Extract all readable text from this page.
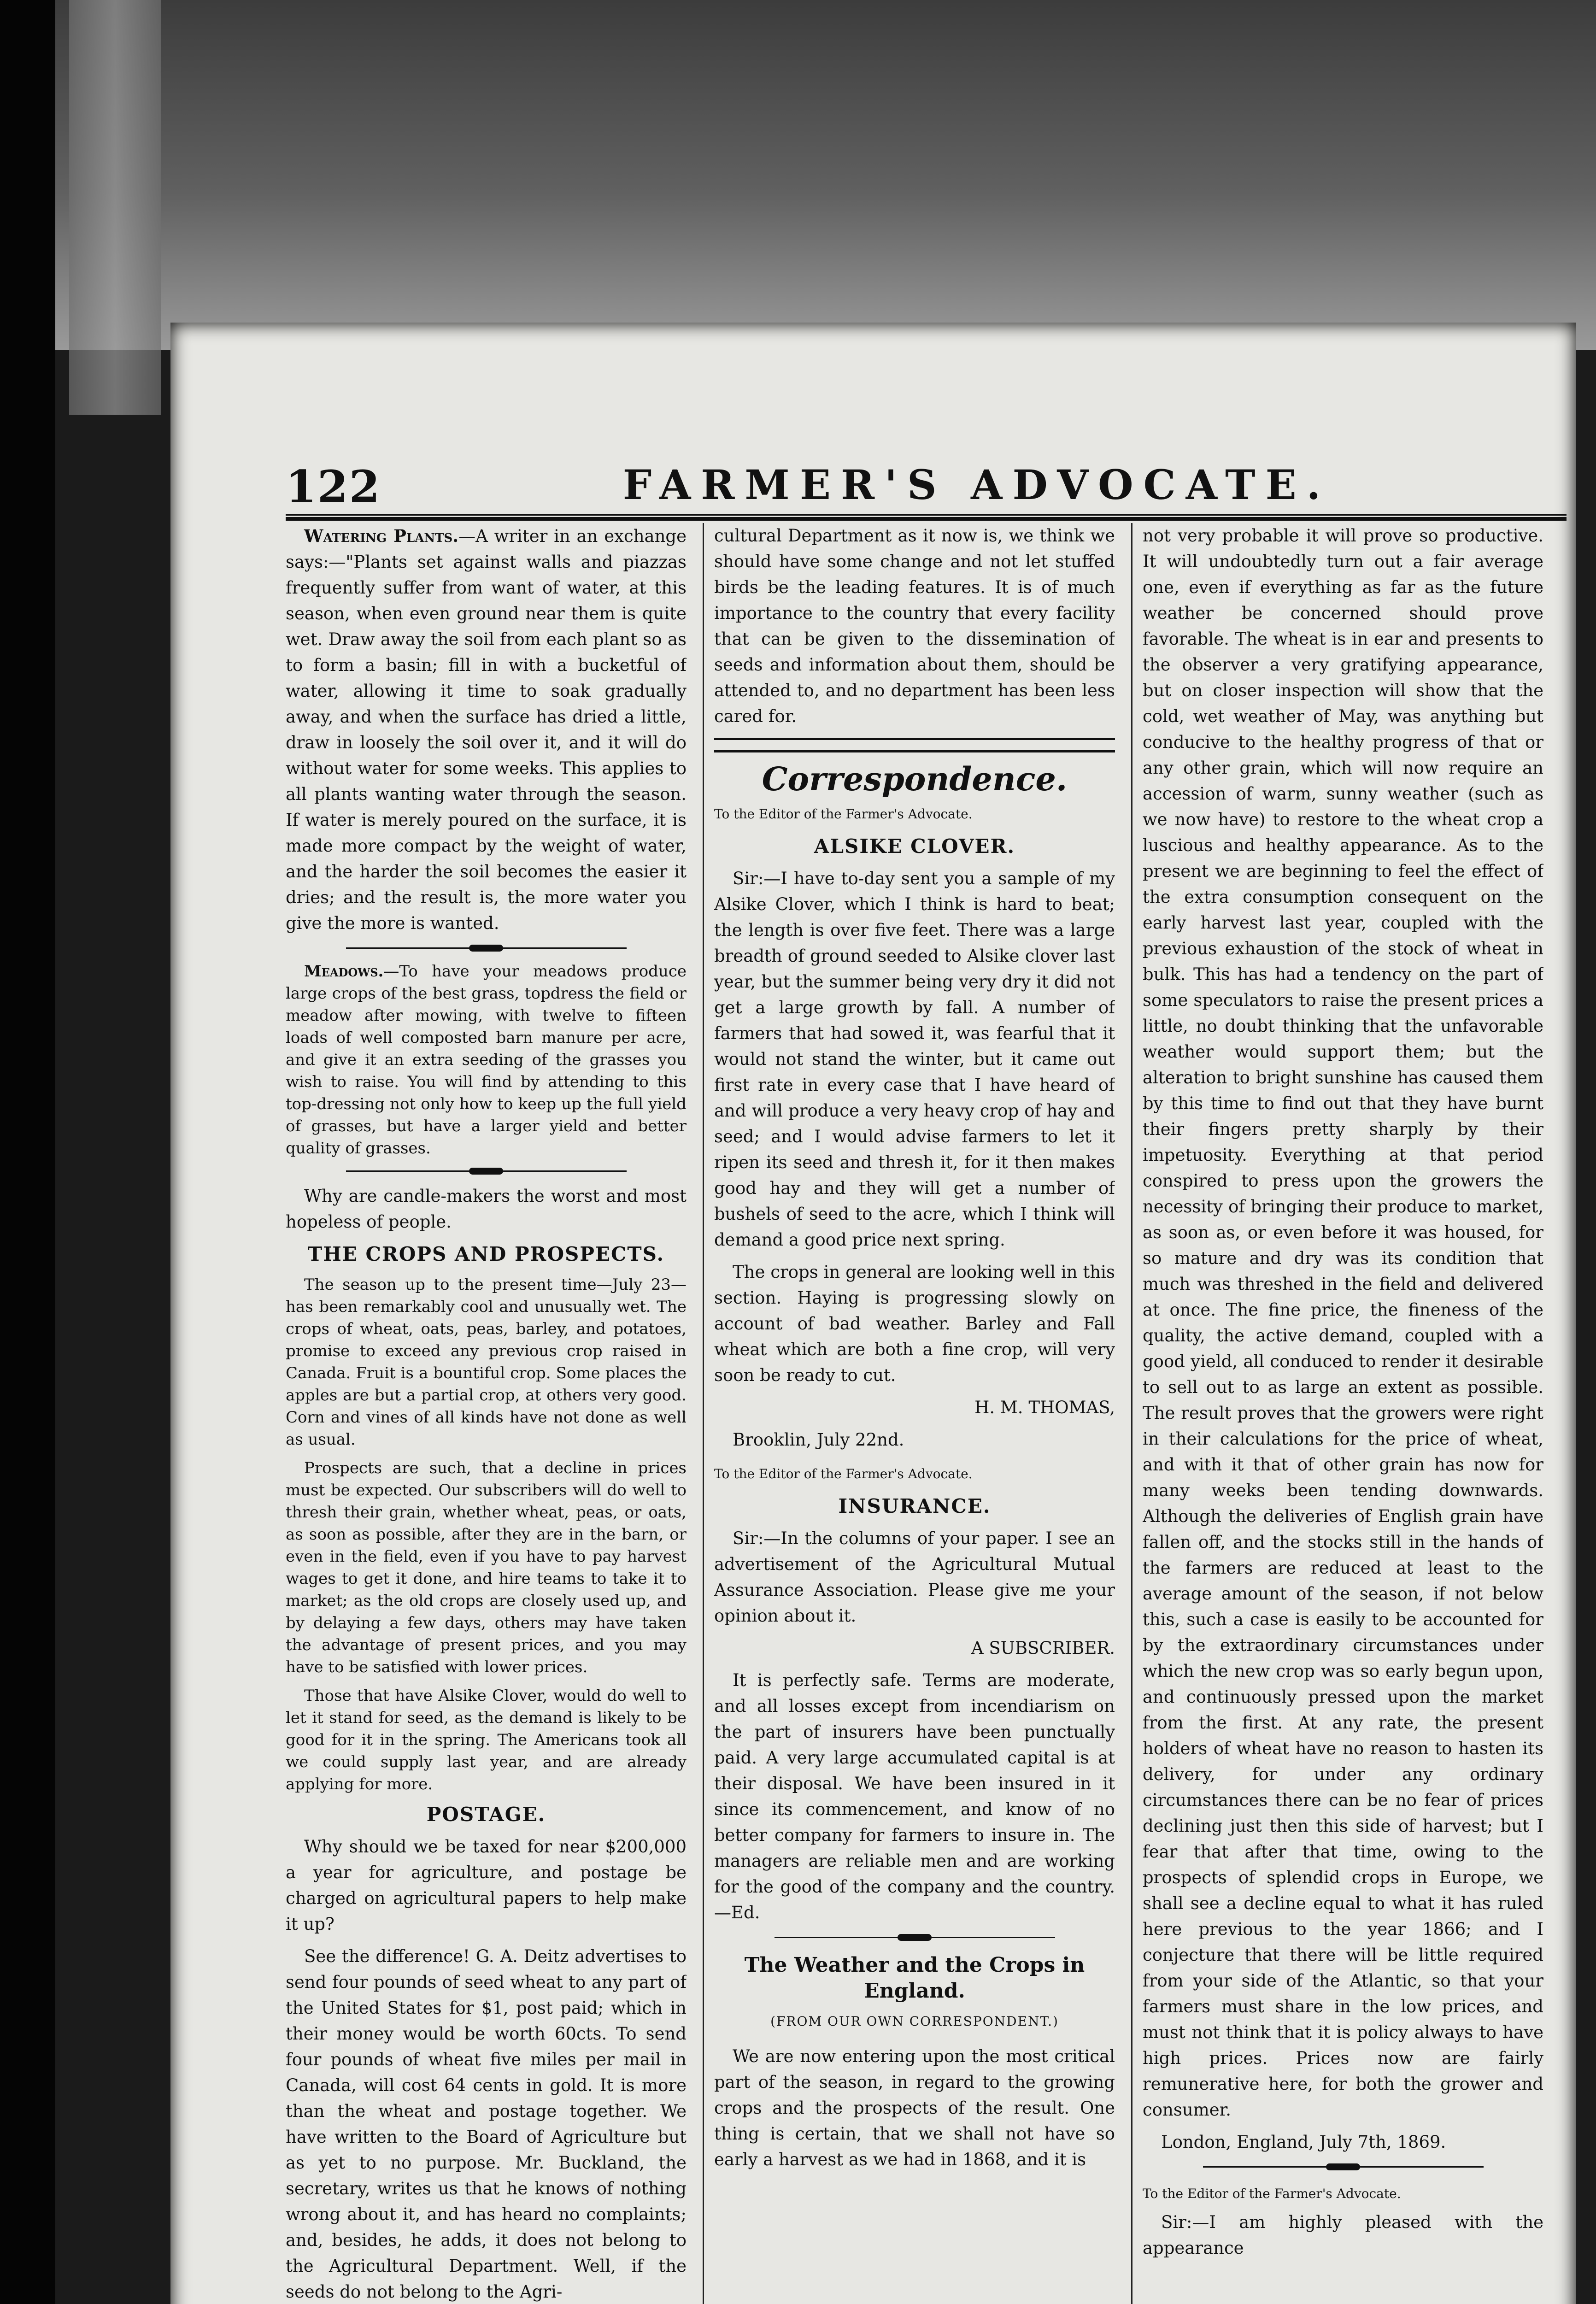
122	FARMER'S ADVOCATE.

Watering Plants.—A writer in an exchange says:—"Plants set against walls and piazzas frequently suffer from want of water, at this season, when even ground near them is quite wet. Draw away the soil from each plant so as to form a basin; fill in with a bucketful of water, allowing it time to soak gradually away, and when the surface has dried a little, draw in loosely the soil over it, and it will do without water for some weeks. This applies to all plants wanting water through the season. If water is merely poured on the surface, it is made more compact by the weight of water, and the harder the soil becomes the easier it dries; and the result is, the more water you give the more is wanted.

Meadows.—To have your meadows produce large crops of the best grass, topdress the field or meadow after mowing, with twelve to fifteen loads of well composted barn manure per acre, and give it an extra seeding of the grasses you wish to raise. You will find by attending to this top-dressing not only how to keep up the full yield of grasses, but have a larger yield and better quality of grasses.

Why are candle-makers the worst and most hopeless of people.

THE CROPS AND PROSPECTS.

The season up to the present time—July 23—has been remarkably cool and unusually wet. The crops of wheat, oats, peas, barley, and potatoes, promise to exceed any previous crop raised in Canada. Fruit is a bountiful crop. Some places the apples are but a partial crop, at others very good. Corn and vines of all kinds have not done as well as usual.

Prospects are such, that a decline in prices must be expected. Our subscribers will do well to thresh their grain, whether wheat, peas, or oats, as soon as possible, after they are in the barn, or even in the field, even if you have to pay harvest wages to get it done, and hire teams to take it to market; as the old crops are closely used up, and by delaying a few days, others may have taken the advantage of present prices, and you may have to be satisfied with lower prices.

Those that have Alsike Clover, would do well to let it stand for seed, as the demand is likely to be good for it in the spring. The Americans took all we could supply last year, and are already applying for more.

POSTAGE.

Why should we be taxed for near $200,000 a year for agriculture, and postage be charged on agricultural papers to help make it up?

See the difference! G. A. Deitz advertises to send four pounds of seed wheat to any part of the United States for $1, post paid; which in their money would be worth 60cts. To send four pounds of wheat five miles per mail in Canada, will cost 64 cents in gold. It is more than the wheat and postage together. We have written to the Board of Agriculture but as yet to no purpose. Mr. Buckland, the secretary, writes us that he knows of nothing wrong about it, and has heard no complaints; and, besides, he adds, it does not belong to the Agricultural Department. Well, if the seeds do not belong to the Agri-

cultural Department as it now is, we think we should have some change and not let stuffed birds be the leading features. It is of much importance to the country that every facility that can be given to the dissemination of seeds and information about them, should be attended to, and no department has been less cared for.

Correspondence.

To the Editor of the Farmer's Advocate.

ALSIKE CLOVER.

Sir:—I have to-day sent you a sample of my Alsike Clover, which I think is hard to beat; the length is over five feet. There was a large breadth of ground seeded to Alsike clover last year, but the summer being very dry it did not get a large growth by fall. A number of farmers that had sowed it, was fearful that it would not stand the winter, but it came out first rate in every case that I have heard of and will produce a very heavy crop of hay and seed; and I would advise farmers to let it ripen its seed and thresh it, for it then makes good hay and they will get a number of bushels of seed to the acre, which I think will demand a good price next spring.

The crops in general are looking well in this section. Haying is progressing slowly on account of bad weather. Barley and Fall wheat which are both a fine crop, will very soon be ready to cut.

H. M. THOMAS,

Brooklin, July 22nd.

To the Editor of the Farmer's Advocate.

INSURANCE.

Sir:—In the columns of your paper. I see an advertisement of the Agricultural Mutual Assurance Association. Please give me your opinion about it.

A SUBSCRIBER.

It is perfectly safe. Terms are moderate, and all losses except from incendiarism on the part of insurers have been punctually paid. A very large accumulated capital is at their disposal. We have been insured in it since its commencement, and know of no better company for farmers to insure in. The managers are reliable men and are working for the good of the company and the country. —Ed.

The Weather and the Crops in England.
(FROM OUR OWN CORRESPONDENT.)

We are now entering upon the most critical part of the season, in regard to the growing crops and the prospects of the result. One thing is certain, that we shall not have so early a harvest as we had in 1868, and it is

not very probable it will prove so productive. It will undoubtedly turn out a fair average one, even if everything as far as the future weather be concerned should prove favorable. The wheat is in ear and presents to the observer a very gratifying appearance, but on closer inspection will show that the cold, wet weather of May, was anything but conducive to the healthy progress of that or any other grain, which will now require an accession of warm, sunny weather (such as we now have) to restore to the wheat crop a luscious and healthy appearance. As to the present we are beginning to feel the effect of the extra consumption consequent on the early harvest last year, coupled with the previous exhaustion of the stock of wheat in bulk. This has had a tendency on the part of some speculators to raise the present prices a little, no doubt thinking that the unfavorable weather would support them; but the alteration to bright sunshine has caused them by this time to find out that they have burnt their fingers pretty sharply by their impetuosity. Everything at that period conspired to press upon the growers the necessity of bringing their produce to market, as soon as, or even before it was housed, for so mature and dry was its condition that much was threshed in the field and delivered at once. The fine price, the fineness of the quality, the active demand, coupled with a good yield, all conduced to render it desirable to sell out to as large an extent as possible. The result proves that the growers were right in their calculations for the price of wheat, and with it that of other grain has now for many weeks been tending downwards. Although the deliveries of English grain have fallen off, and the stocks still in the hands of the farmers are reduced at least to the average amount of the season, if not below this, such a case is easily to be accounted for by the extraordinary circumstances under which the new crop was so early begun upon, and continuously pressed upon the market from the first. At any rate, the present holders of wheat have no reason to hasten its delivery, for under any ordinary circumstances there can be no fear of prices declining just then this side of harvest; but I fear that after that time, owing to the prospects of splendid crops in Europe, we shall see a decline equal to what it has ruled here previous to the year 1866; and I conjecture that there will be little required from your side of the Atlantic, so that your farmers must share in the low prices, and must not think that it is policy always to have high prices. Prices now are fairly remunerative here, for both the grower and consumer.

London, England, July 7th, 1869.

To the Editor of the Farmer's Advocate.

Sir:—I am highly pleased with the appearance
